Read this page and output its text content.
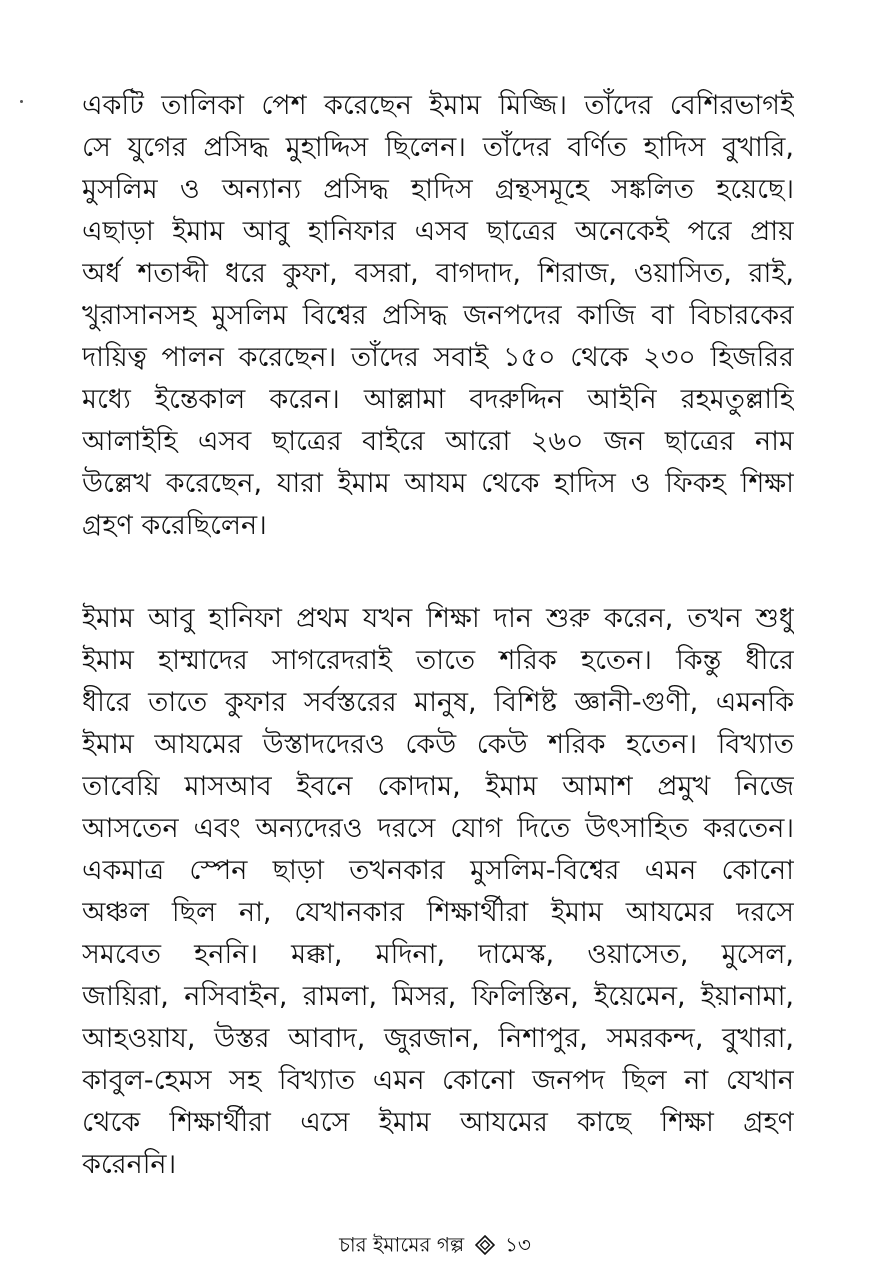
একটি তালিকা পেশ করেছেন ইমাম মিজ্জি। তাঁদের বেশিরভাগই
সে যুগের প্রসিদ্ধ মুহাদ্দিস ছিলেন। তাঁদের বর্ণিত হাদিস বুখারি,
মুসলিম ও অন্যান্য প্রসিদ্ধ হাদিস গ্রন্থসমূহে সঙ্কলিত হয়েছে।
এছাড়া ইমাম আবু হানিফার এসব ছাত্রের অনেকেই পরে প্রায়
অর্ধ শতাব্দী ধরে কুফা, বসরা, বাগদাদ, শিরাজ, ওয়াসিত, রাই,
খুরাসানসহ মুসলিম বিশ্বের প্রসিদ্ধ জনপদের কাজি বা বিচারকের
দায়িত্ব পালন করেছেন। তাঁদের সবাই ১৫০ থেকে ২৩০ হিজরির
মধ্যে ইন্তেকাল করেন। আল্লামা বদরুদ্দিন আইনি রহমতুল্লাহি
আলাইহি এসব ছাত্রের বাইরে আরো ২৬০ জন ছাত্রের নাম
উল্লেখ করেছেন, যারা ইমাম আযম থেকে হাদিস ও ফিকহ শিক্ষা
গ্রহণ করেছিলেন।
ইমাম আবু হানিফা প্রথম যখন শিক্ষা দান শুরু করেন, তখন শুধু
ইমাম হাম্মাদের সাগরেদরাই তাতে শরিক হতেন। কিন্তু ধীরে
ধীরে তাতে কুফার সর্বস্তরের মানুষ, বিশিষ্ট জ্ঞানী-গুণী, এমনকি
ইমাম আযমের উস্তাদদেরও কেউ কেউ শরিক হতেন। বিখ্যাত
তাবেয়ি মাসআব ইবনে কোদাম, ইমাম আমাশ প্রমুখ নিজে
আসতেন এবং অন্যদেরও দরসে যোগ দিতে উৎসাহিত করতেন।
একমাত্র স্পেন ছাড়া তখনকার মুসলিম-বিশ্বের এমন কোনো
অঞ্চল ছিল না, যেখানকার শিক্ষার্থীরা ইমাম আযমের দরসে
সমবেত হননি। মক্কা, মদিনা, দামেস্ক, ওয়াসেত, মুসেল,
জায়িরা, নসিবাইন, রামলা, মিসর, ফিলিস্তিন, ইয়েমেন, ইয়ানামা,
আহওয়ায, উস্তর আবাদ, জুরজান, নিশাপুর, সমরকন্দ, বুখারা,
কাবুল-হেমস সহ বিখ্যাত এমন কোনো জনপদ ছিল না যেখান
থেকে শিক্ষার্থীরা এসে ইমাম আযমের কাছে শিক্ষা গ্রহণ
করেননি।
চার ইমামের গল্প ১৩
